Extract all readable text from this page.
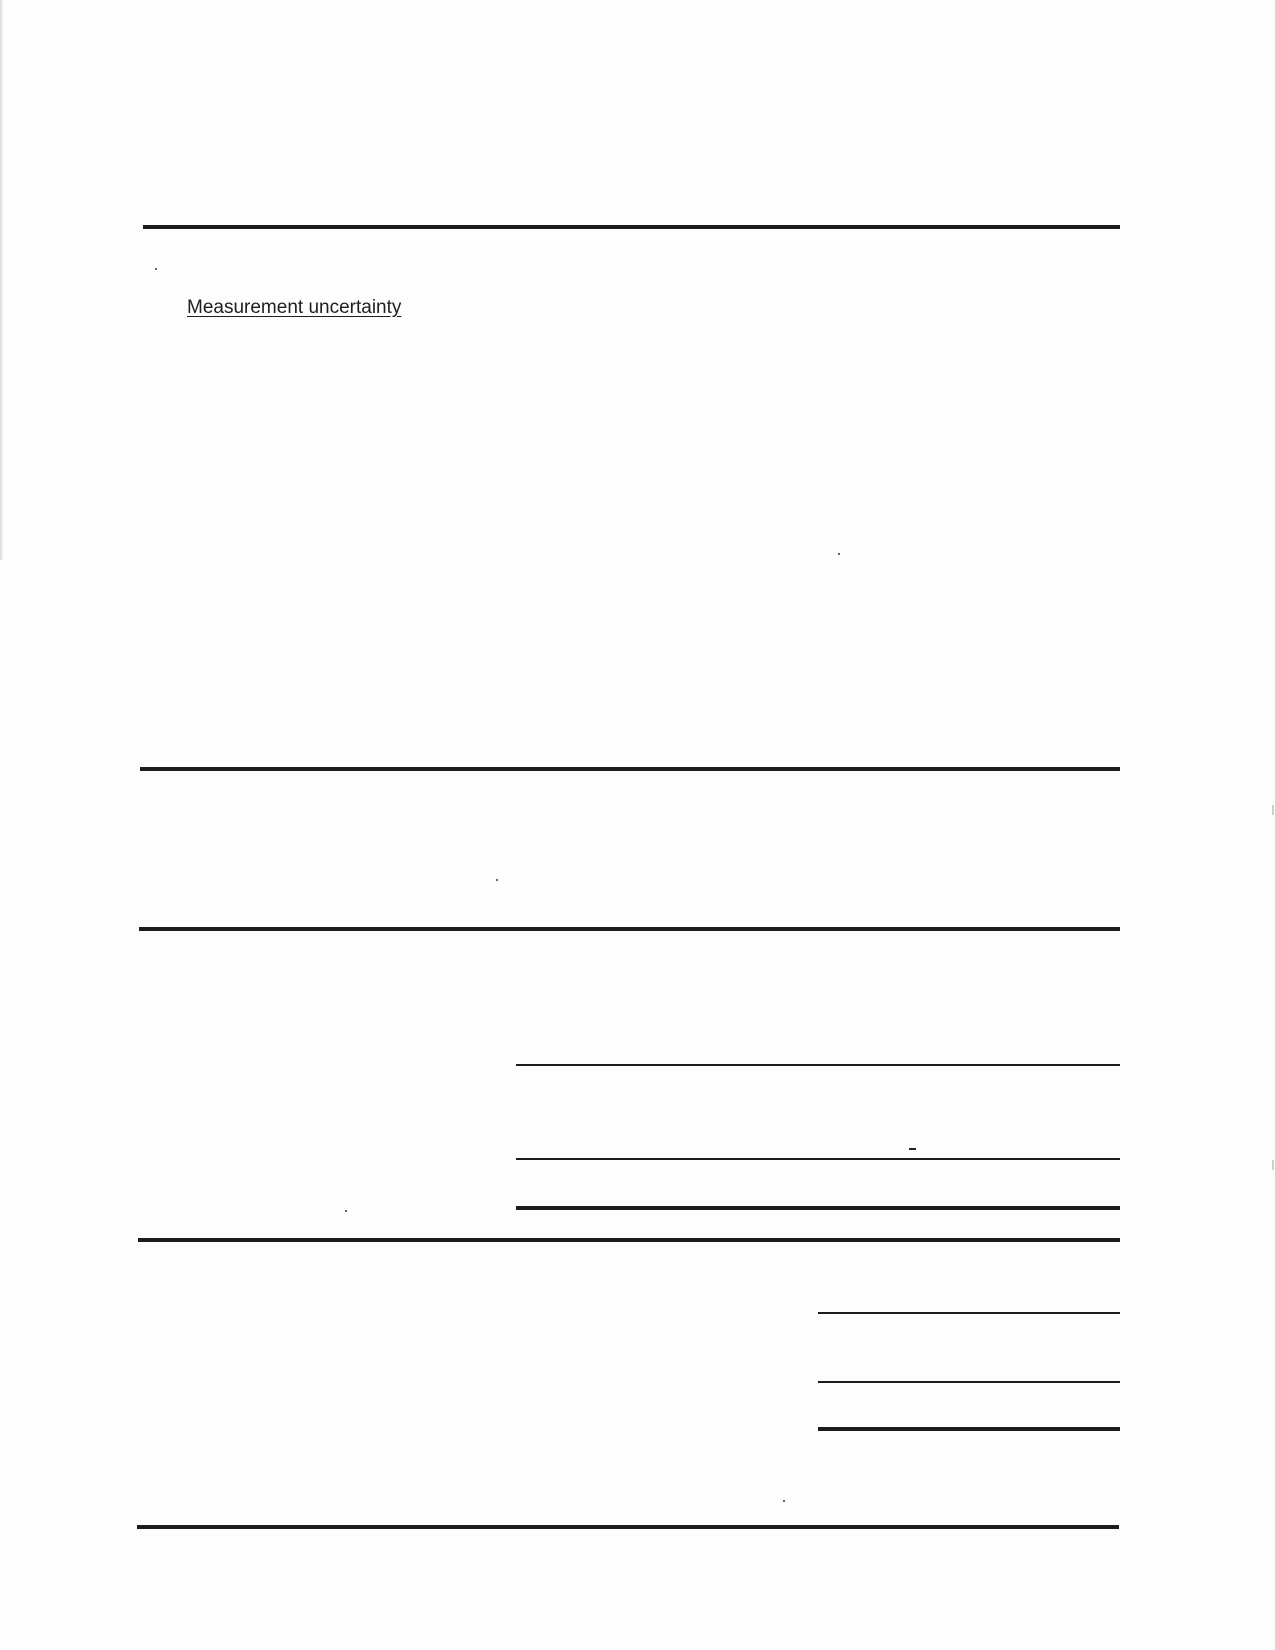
Measurement uncertainty
